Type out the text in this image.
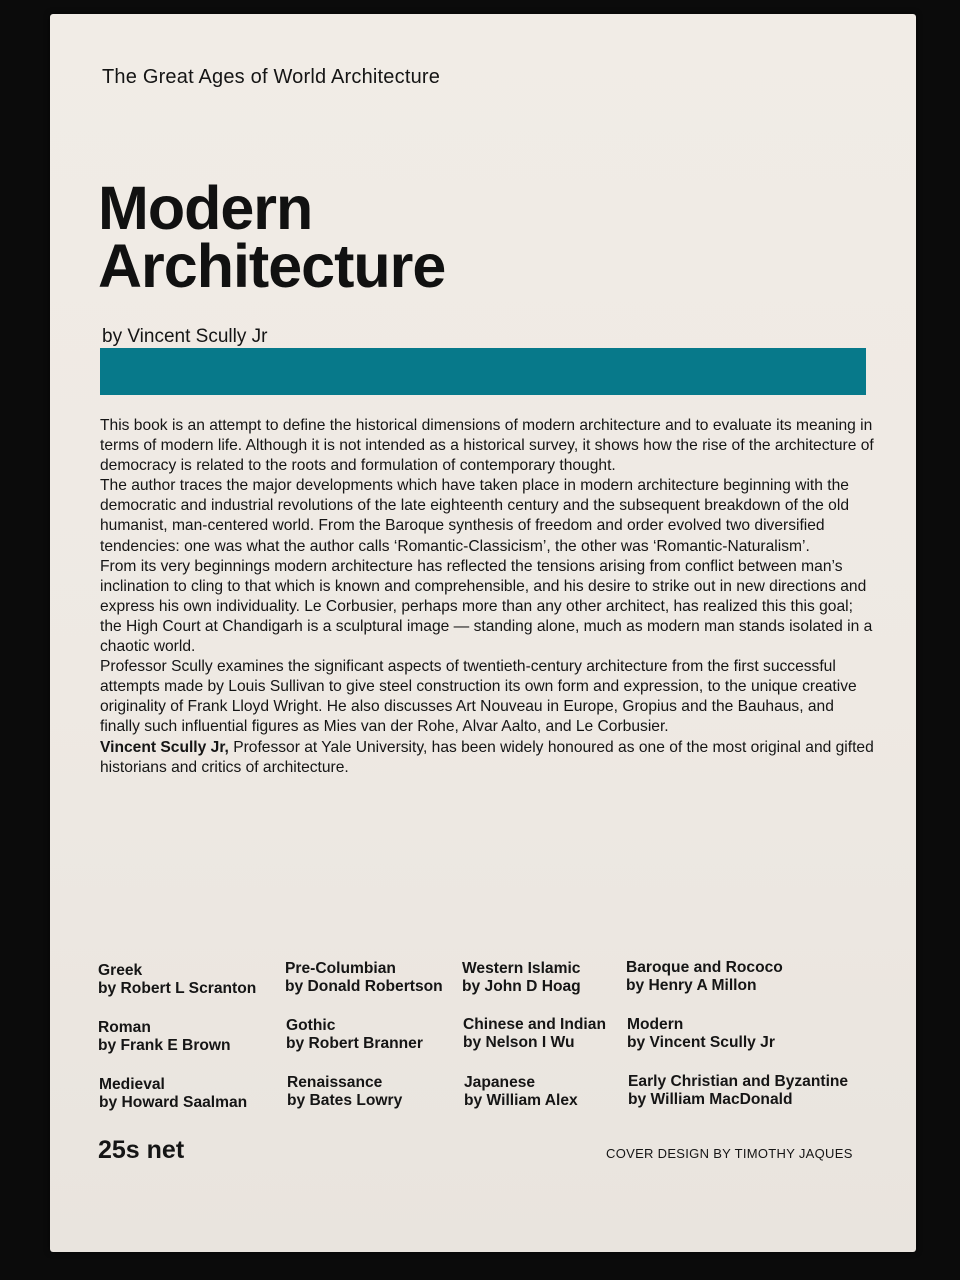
The Great Ages of World Architecture
Modern
Architecture
by Vincent Scully Jr

This book is an attempt to define the historical dimensions of modern architecture and to evaluate its meaning in terms of modern life. Although it is not intended as a historical survey, it shows how the rise of the architecture of democracy is related to the roots and formulation of contemporary thought.

The author traces the major developments which have taken place in modern architecture beginning with the democratic and industrial revolutions of the late eighteenth century and the subsequent breakdown of the old humanist, man-centered world. From the Baroque synthesis of freedom and order evolved two diversified tendencies: one was what the author calls ‘Romantic-Classicism’, the other was ‘Romantic-Naturalism’.

From its very beginnings modern architecture has reflected the tensions arising from conflict between man’s inclination to cling to that which is known and comprehensible, and his desire to strike out in new directions and express his own individuality. Le Corbusier, perhaps more than any other architect, has realized this this goal; the High Court at Chandigarh is a sculptural image — standing alone, much as modern man stands isolated in a chaotic world.

Professor Scully examines the significant aspects of twentieth-century architecture from the first successful attempts made by Louis Sullivan to give steel construction its own form and expression, to the unique creative originality of Frank Lloyd Wright. He also discusses Art Nouveau in Europe, Gropius and the Bauhaus, and finally such influential figures as Mies van der Rohe, Alvar Aalto, and Le Corbusier.

Vincent Scully Jr, Professor at Yale University, has been widely honoured as one of the most original and gifted historians and critics of architecture.

Greek
by Robert L Scranton
Pre-Columbian
by Donald Robertson
Western Islamic
by John D Hoag
Baroque and Rococo
by Henry A Millon
Roman
by Frank E Brown
Gothic
by Robert Branner
Chinese and Indian
by Nelson I Wu
Modern
by Vincent Scully Jr
Medieval
by Howard Saalman
Renaissance
by Bates Lowry
Japanese
by William Alex
Early Christian and Byzantine
by William MacDonald
25s net	COVER DESIGN BY TIMOTHY JAQUES
